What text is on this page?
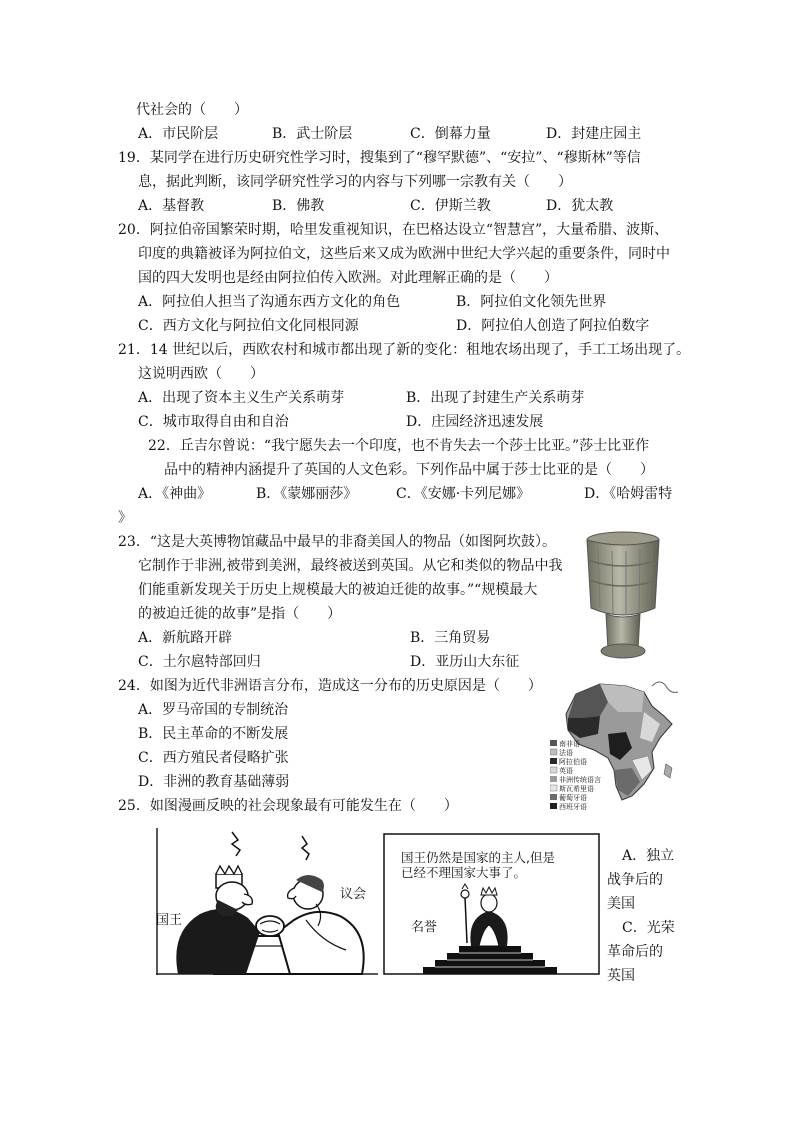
代社会的（　　）
A．市民阶层	B．武士阶层	C．倒幕力量	D．封建庄园主
19．某同学在进行历史研究性学习时，搜集到了“穆罕默德”、“安拉”、“穆斯林”等信
息，据此判断，该同学研究性学习的内容与下列哪一宗教有关（　　）
A．基督教	B．佛教	C．伊斯兰教	D．犹太教
20．阿拉伯帝国繁荣时期，哈里发重视知识，在巴格达设立“智慧宫”，大量希腊、波斯、
印度的典籍被译为阿拉伯文，这些后来又成为欧洲中世纪大学兴起的重要条件，同时中
国的四大发明也是经由阿拉伯传入欧洲。对此理解正确的是（　　）
A．阿拉伯人担当了沟通东西方文化的角色	B．阿拉伯文化领先世界
C．西方文化与阿拉伯文化同根同源	D．阿拉伯人创造了阿拉伯数字
21．14 世纪以后，西欧农村和城市都出现了新的变化：租地农场出现了，手工工场出现了。
这说明西欧（　　）
A．出现了资本主义生产关系萌芽	B．出现了封建生产关系萌芽
C．城市取得自由和自治	D．庄园经济迅速发展
22．丘吉尔曾说：“我宁愿失去一个印度，也不肯失去一个莎士比亚。”莎士比亚作
品中的精神内涵提升了英国的人文色彩。下列作品中属于莎士比亚的是（　　）
A．《神曲》	B．《蒙娜丽莎》	C．《安娜·卡列尼娜》	D．《哈姆雷特
》
23．“这是大英博物馆藏品中最早的非裔美国人的物品（如图阿坎鼓）。
它制作于非洲,被带到美洲，最终被送到英国。从它和类似的物品中我
们能重新发现关于历史上规模最大的被迫迁徙的故事。”“规模最大
的被迫迁徙的故事”是指（　　）
A．新航路开辟	B．三角贸易
C．土尔扈特部回归	D．亚历山大东征
24．如图为近代非洲语言分布，造成这一分布的历史原因是（　　）
A．罗马帝国的专制统治
B．民主革命的不断发展
C．西方殖民者侵略扩张
D．非洲的教育基础薄弱
南非语
法语
阿拉伯语
英语
非洲传统语言
斯瓦希里语
葡萄牙语
西班牙语
25．如图漫画反映的社会现象最有可能发生在（　　）
国王
议会
国王仍然是国家的主人,但是
已经不理国家大事了。
名誉
A．独立
战争后的
美国
C．光荣
革命后的
英国
